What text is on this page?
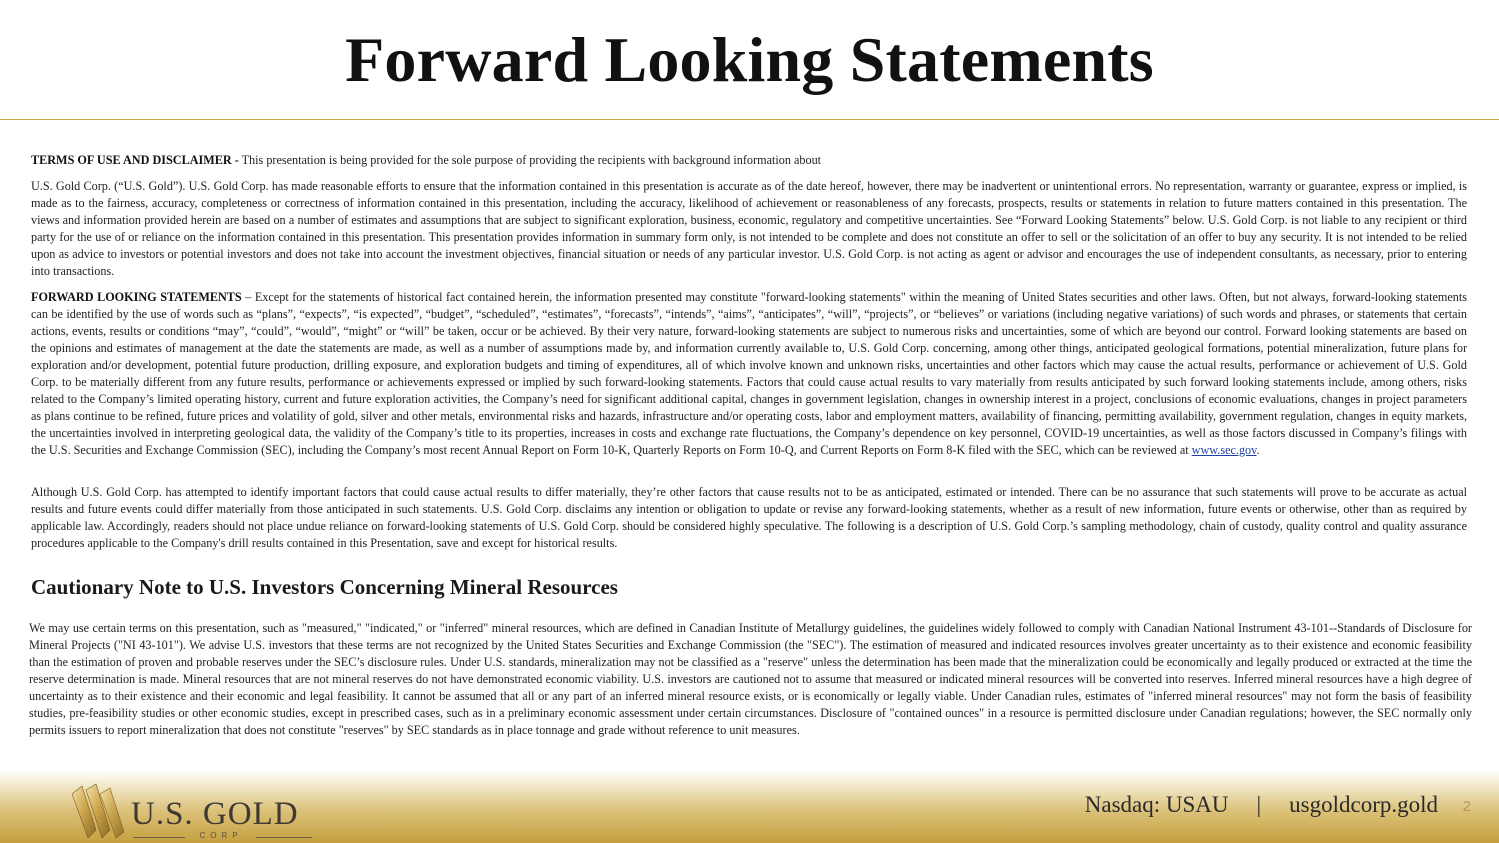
Forward Looking Statements

TERMS OF USE AND DISCLAIMER - This presentation is being provided for the sole purpose of providing the recipients with background information about

U.S. Gold Corp. (“U.S. Gold”). U.S. Gold Corp. has made reasonable efforts to ensure that the information contained in this presentation is accurate as of the date hereof, however, there may be inadvertent or unintentional errors. No representation, warranty or guarantee, express or implied, is made as to the fairness, accuracy, completeness or correctness of information contained in this presentation, including the accuracy, likelihood of achievement or reasonableness of any forecasts, prospects, results or statements in relation to future matters contained in this presentation. The views and information provided herein are based on a number of estimates and assumptions that are subject to significant exploration, business, economic, regulatory and competitive uncertainties. See “Forward Looking Statements” below. U.S. Gold Corp. is not liable to any recipient or third party for the use of or reliance on the information contained in this presentation. This presentation provides information in summary form only, is not intended to be complete and does not constitute an offer to sell or the solicitation of an offer to buy any security. It is not intended to be relied upon as advice to investors or potential investors and does not take into account the investment objectives, financial situation or needs of any particular investor. U.S. Gold Corp. is not acting as agent or advisor and encourages the use of independent consultants, as necessary, prior to entering into transactions.

FORWARD LOOKING STATEMENTS – Except for the statements of historical fact contained herein, the information presented may constitute "forward-looking statements" within the meaning of United States securities and other laws. Often, but not always, forward-looking statements can be identified by the use of words such as “plans”, “expects”, “is expected”, “budget”, “scheduled”, “estimates”, “forecasts”, “intends”, “aims”, “anticipates”, “will”, “projects”, or “believes” or variations (including negative variations) of such words and phrases, or statements that certain actions, events, results or conditions “may”, “could”, “would”, “might” or “will” be taken, occur or be achieved. By their very nature, forward-looking statements are subject to numerous risks and uncertainties, some of which are beyond our control. Forward looking statements are based on the opinions and estimates of management at the date the statements are made, as well as a number of assumptions made by, and information currently available to, U.S. Gold Corp. concerning, among other things, anticipated geological formations, potential mineralization, future plans for exploration and/or development, potential future production, drilling exposure, and exploration budgets and timing of expenditures, all of which involve known and unknown risks, uncertainties and other factors which may cause the actual results, performance or achievement of U.S. Gold Corp. to be materially different from any future results, performance or achievements expressed or implied by such forward-looking statements. Factors that could cause actual results to vary materially from results anticipated by such forward looking statements include, among others, risks related to the Company’s limited operating history, current and future exploration activities, the Company’s need for significant additional capital, changes in government legislation, changes in ownership interest in a project, conclusions of economic evaluations, changes in project parameters as plans continue to be refined, future prices and volatility of gold, silver and other metals, environmental risks and hazards, infrastructure and/or operating costs, labor and employment matters, availability of financing, permitting availability, government regulation, changes in equity markets, the uncertainties involved in interpreting geological data, the validity of the Company’s title to its properties, increases in costs and exchange rate fluctuations, the Company’s dependence on key personnel, COVID-19 uncertainties, as well as those factors discussed in Company’s filings with the U.S. Securities and Exchange Commission (SEC), including the Company’s most recent Annual Report on Form 10-K, Quarterly Reports on Form 10-Q, and Current Reports on Form 8-K filed with the SEC, which can be reviewed at www.sec.gov.

Although U.S. Gold Corp. has attempted to identify important factors that could cause actual results to differ materially, they’re other factors that cause results not to be as anticipated, estimated or intended. There can be no assurance that such statements will prove to be accurate as actual results and future events could differ materially from those anticipated in such statements. U.S. Gold Corp. disclaims any intention or obligation to update or revise any forward-looking statements, whether as a result of new information, future events or otherwise, other than as required by applicable law. Accordingly, readers should not place undue reliance on forward-looking statements of U.S. Gold Corp. should be considered highly speculative. The following is a description of U.S. Gold Corp.’s sampling methodology, chain of custody, quality control and quality assurance procedures applicable to the Company's drill results contained in this Presentation, save and except for historical results.

Cautionary Note to U.S. Investors Concerning Mineral Resources

We may use certain terms on this presentation, such as "measured," "indicated," or "inferred" mineral resources, which are defined in Canadian Institute of Metallurgy guidelines, the guidelines widely followed to comply with Canadian National Instrument 43-101--Standards of Disclosure for Mineral Projects ("NI 43-101"). We advise U.S. investors that these terms are not recognized by the United States Securities and Exchange Commission (the "SEC"). The estimation of measured and indicated resources involves greater uncertainty as to their existence and economic feasibility than the estimation of proven and probable reserves under the SEC’s disclosure rules. Under U.S. standards, mineralization may not be classified as a "reserve" unless the determination has been made that the mineralization could be economically and legally produced or extracted at the time the reserve determination is made. Mineral resources that are not mineral reserves do not have demonstrated economic viability. U.S. investors are cautioned not to assume that measured or indicated mineral resources will be converted into reserves. Inferred mineral resources have a high degree of uncertainty as to their existence and their economic and legal feasibility. It cannot be assumed that all or any part of an inferred mineral resource exists, or is economically or legally viable. Under Canadian rules, estimates of "inferred mineral resources" may not form the basis of feasibility studies, pre-feasibility studies or other economic studies, except in prescribed cases, such as in a preliminary economic assessment under certain circumstances. Disclosure of "contained ounces" in a resource is permitted disclosure under Canadian regulations; however, the SEC normally only permits issuers to report mineralization that does not constitute "reserves" by SEC standards as in place tonnage and grade without reference to unit measures.

U.S. GOLD
CORP
Nasdaq: USAU | usgoldcorp.gold 2
